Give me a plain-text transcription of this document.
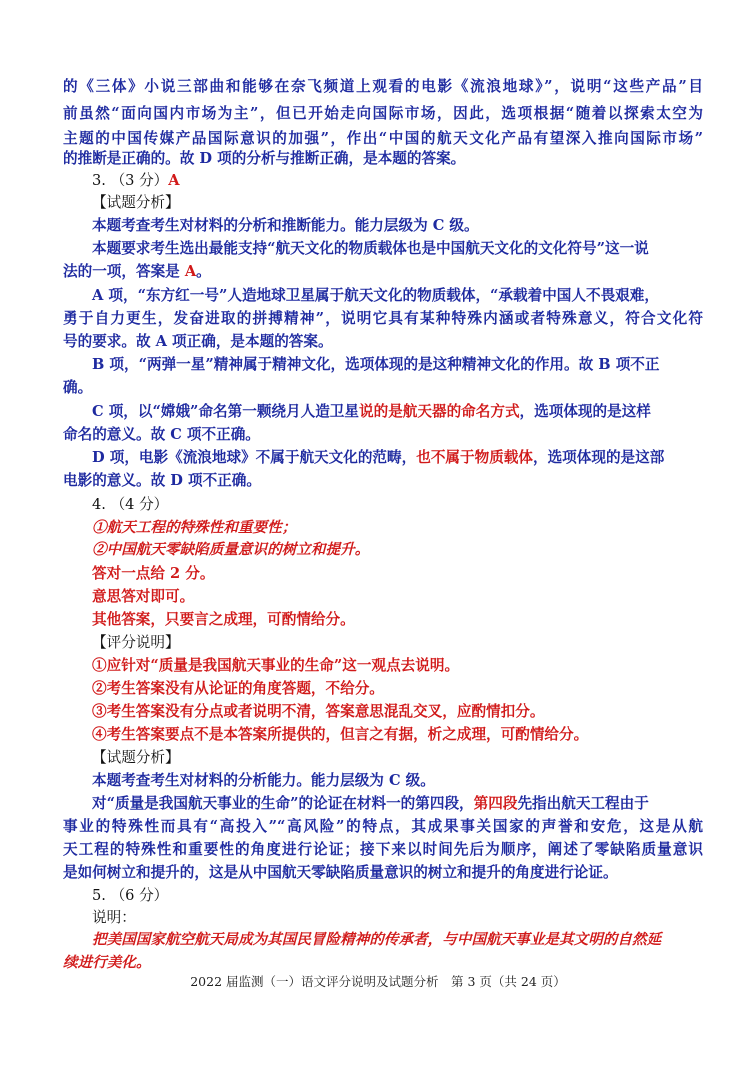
的《三体》小说三部曲和能够在奈飞频道上观看的电影《流浪地球》”，说明“这些产品”目
前虽然“面向国内市场为主”，但已开始走向国际市场，因此，选项根据“随着以探索太空为
主题的中国传媒产品国际意识的加强”，作出“中国的航天文化产品有望深入推向国际市场”
的推断是正确的。故 D 项的分析与推断正确，是本题的答案。
3. （3 分）A
【试题分析】
本题考查考生对材料的分析和推断能力。能力层级为 C 级。
本题要求考生选出最能支持“航天文化的物质载体也是中国航天文化的文化符号”这一说
法的一项，答案是 A。
A 项，“东方红一号”人造地球卫星属于航天文化的物质载体，“承载着中国人不畏艰难，
勇于自力更生，发奋进取的拼搏精神”，说明它具有某种特殊内涵或者特殊意义，符合文化符
号的要求。故 A 项正确，是本题的答案。
B 项，“两弹一星”精神属于精神文化，选项体现的是这种精神文化的作用。故 B 项不正
确。
C 项，以“嫦娥”命名第一颗绕月人造卫星说的是航天器的命名方式，选项体现的是这样
命名的意义。故 C 项不正确。
D 项，电影《流浪地球》不属于航天文化的范畴，也不属于物质载体，选项体现的是这部
电影的意义。故 D 项不正确。
4. （4 分）
①航天工程的特殊性和重要性；
②中国航天零缺陷质量意识的树立和提升。
答对一点给 2 分。
意思答对即可。
其他答案，只要言之成理，可酌情给分。
【评分说明】
①应针对“质量是我国航天事业的生命”这一观点去说明。
②考生答案没有从论证的角度答题，不给分。
③考生答案没有分点或者说明不清，答案意思混乱交叉，应酌情扣分。
④考生答案要点不是本答案所提供的，但言之有据，析之成理，可酌情给分。
【试题分析】
本题考查考生对材料的分析能力。能力层级为 C 级。
对“质量是我国航天事业的生命”的论证在材料一的第四段，第四段先指出航天工程由于
事业的特殊性而具有“高投入”“高风险”的特点，其成果事关国家的声誉和安危，这是从航
天工程的特殊性和重要性的角度进行论证；接下来以时间先后为顺序，阐述了零缺陷质量意识
是如何树立和提升的，这是从中国航天零缺陷质量意识的树立和提升的角度进行论证。
5. （6 分）
说明：
把美国国家航空航天局成为其国民冒险精神的传承者，与中国航天事业是其文明的自然延
续进行美化。
2022 届监测（一）语文评分说明及试题分析　第 3 页（共 24 页）
